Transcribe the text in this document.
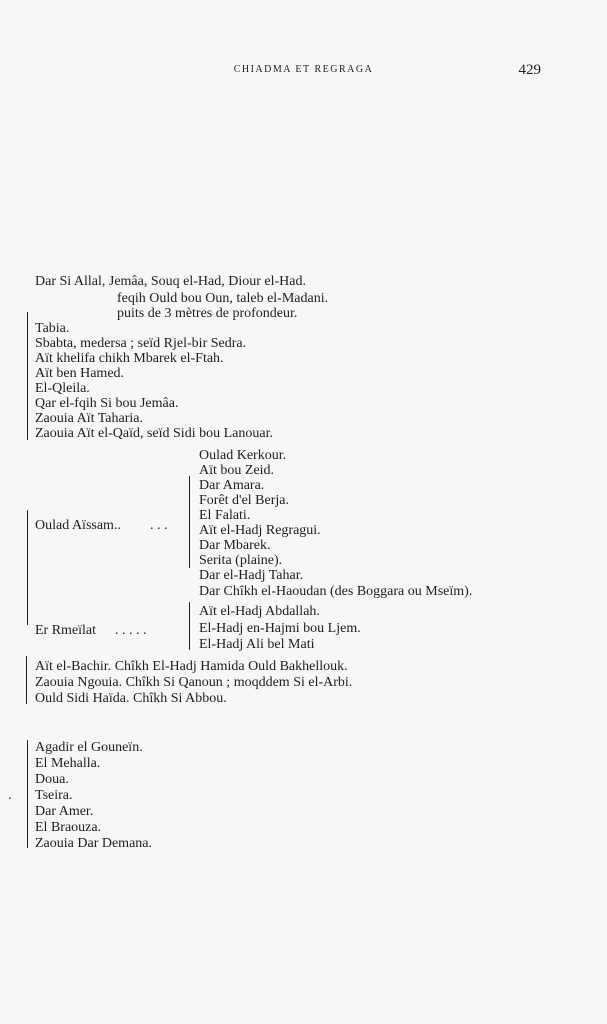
CHIADMA ET REGRAGA	429
Dar Si Allal, Jemâa, Souq el-Had, Diour el-Had.
feqih Ould bou Oun, taleb el-Madani.
puits de 3 mètres de profondeur.
Tabia.
Sbabta, medersa ; seïd Rjel-bir Sedra.
Aït khelifa chikh Mbarek el-Ftah.
Aït ben Hamed.
El-Qleila.
Qar el-fqih Si bou Jemâa.
Zaouia Aït Taharia.
Zaouia Aït el-Qaïd, seïd Sidi bou Lanouar.
Oulad Aïssam.. . . .
Oulad Kerkour.
Aït bou Zeid.
Dar Amara.
Forêt d'el Berja.
El Falati.
Aït el-Hadj Regragui.
Dar Mbarek.
Serita (plaine).
Dar el-Hadj Tahar.
Dar Chîkh el-Haoudan (des Boggara ou Mseïm).
Er Rmeïlat . . . . .
Aït el-Hadj Abdallah.
El-Hadj en-Hajmi bou Ljem.
El-Hadj Ali bel Mati
Aït el-Bachir. Chîkh El-Hadj Hamida Ould Bakhellouk.
Zaouia Ngouia. Chîkh Si Qanoun ; moqddem Si el-Arbi.
Ould Sidi Haïda. Chîkh Si Abbou.
Agadir el Gouneïn.
El Mehalla.
Doua.
Tseira.
Dar Amer.
El Braouza.
Zaouia Dar Demana.
.
